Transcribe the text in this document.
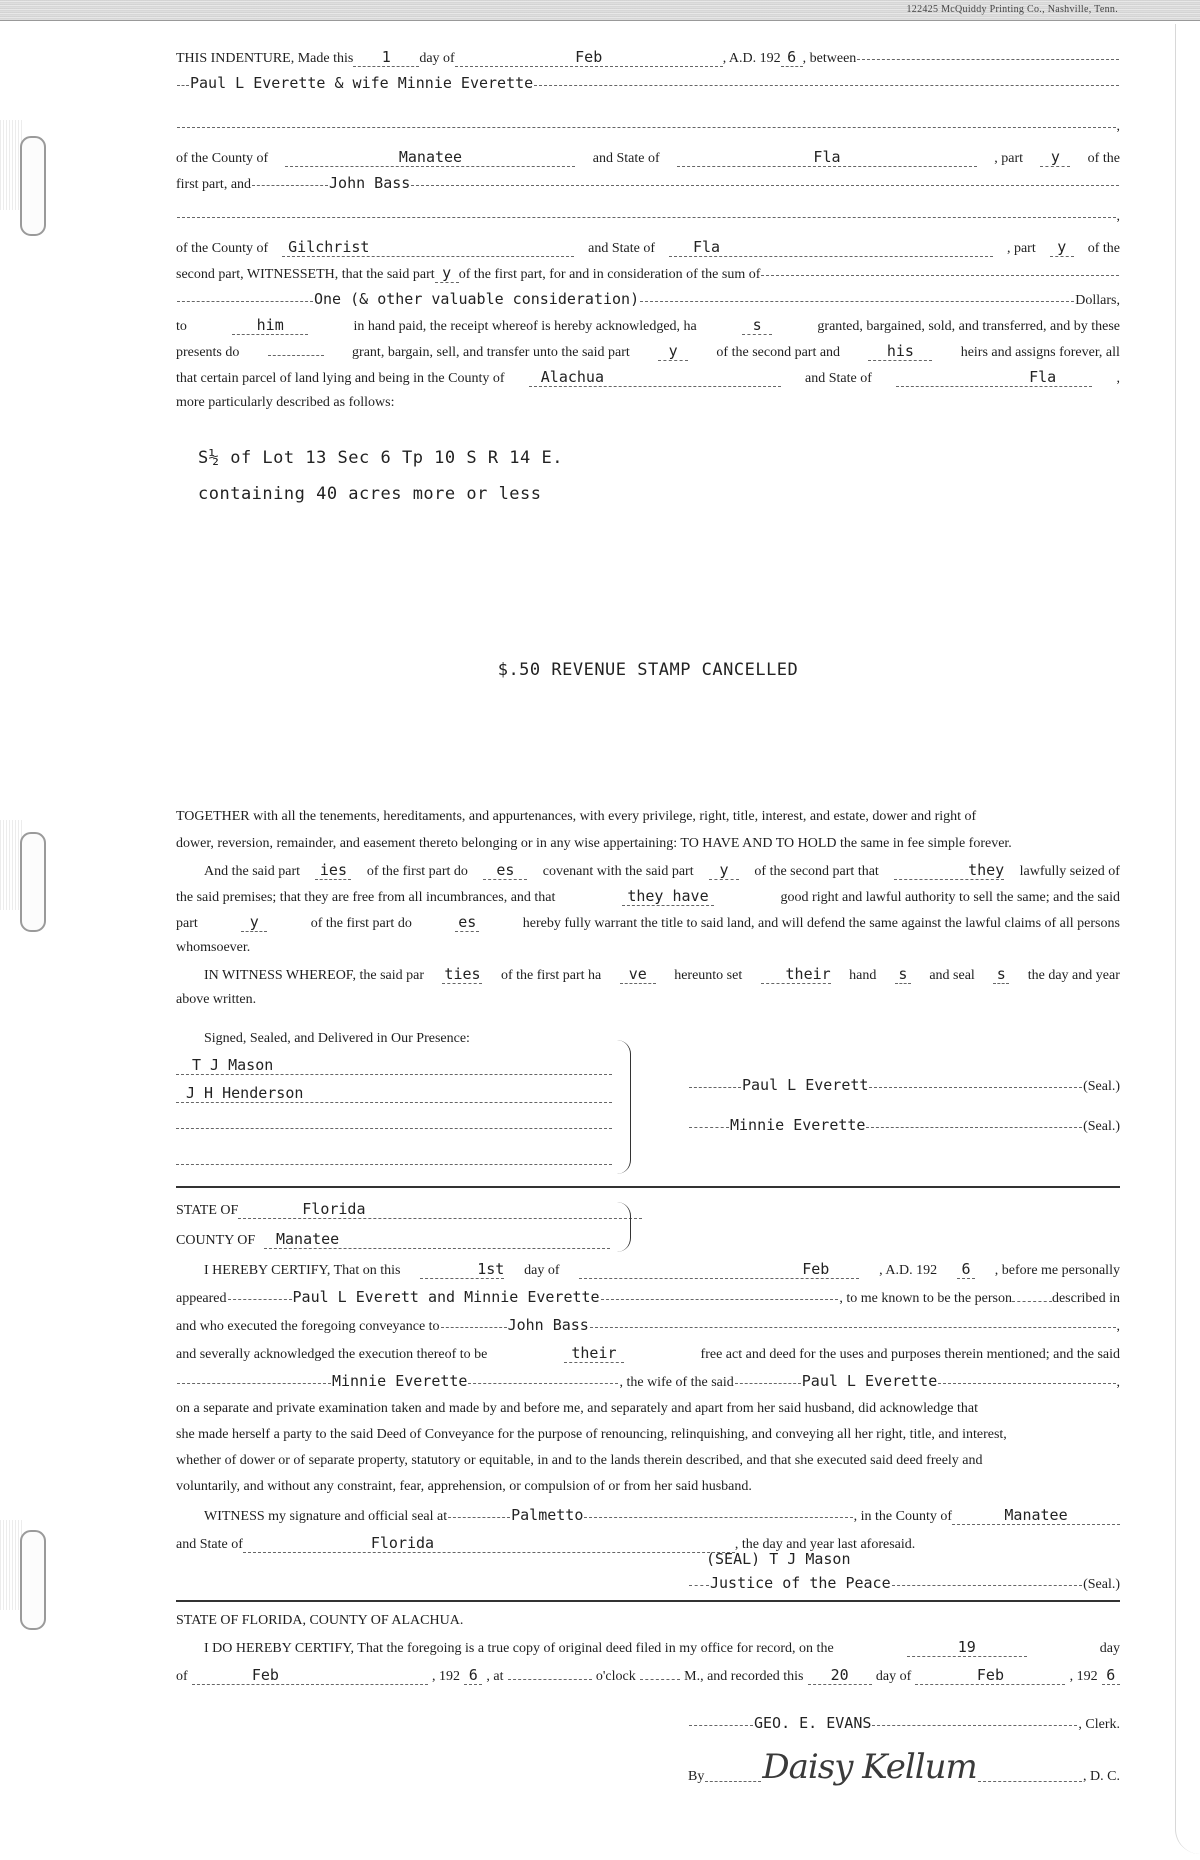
122425 McQuiddy Printing Co., Nashville, Tenn.
THIS INDENTURE, Made this	1	day of	Feb	, A.D. 192 6 , between
Paul L Everette & wife Minnie Everette
,
of the County of	Manatee	and State of	Fla	, part	y	of the
first part, and	John Bass
,
of the County of	Gilchrist	and State of	Fla	, part	y	of the
second part, WITNESSETH, that the said part y of the first part, for and in consideration of the sum of
One (& other valuable consideration)	Dollars,
to	him	in hand paid, the receipt whereof is hereby acknowledged, ha	s	granted, bargained, sold, and transferred, and by these
presents do	grant, bargain, sell, and transfer unto the said part	y	of the second part and	his	heirs and assigns forever, all
that certain parcel of land lying and being in the County of	Alachua	and State of	Fla	,
more particularly described as follows:
S½ of Lot 13 Sec 6 Tp 10 S R 14 E.
containing 40 acres more or less
$.50 REVENUE STAMP CANCELLED
TOGETHER with all the tenements, hereditaments, and appurtenances, with every privilege, right, title, interest, and estate, dower and right of
dower, reversion, remainder, and easement thereto belonging or in any wise appertaining: TO HAVE AND TO HOLD the same in fee simple forever.
And the said part ies	of the first part do	es	covenant with the said part	y	of the second part that	they lawfully seized of
the said premises; that they are free from all incumbrances, and that	they have	good right and lawful authority to sell the same; and the said
part	y	of the first part do	es	hereby fully warrant the title to said land, and will defend the same against the lawful claims of all persons
whomsoever.
IN WITNESS WHEREOF, the said par ties of the first part ha	ve	hereunto set	their hand s and seal s the day and year
above written.
Signed, Sealed, and Delivered in Our Presence:
T J Mason
J H Henderson	Paul L Everett	(Seal.)
Minnie Everette	(Seal.)
STATE OF	Florida
COUNTY OF	Manatee
I HEREBY CERTIFY, That on this	1st day of	Feb	, A.D. 192 6	, before me personally
appeared	Paul L Everett and Minnie Everette	, to me known to be the person	described in
and who executed the foregoing conveyance to	John Bass	,
and severally acknowledged the execution thereof to be	their	free act and deed for the uses and purposes therein mentioned; and the said
Minnie Everette	, the wife of the said	Paul L Everette	,
on a separate and private examination taken and made by and before me, and separately and apart from her said husband, did acknowledge that
she made herself a party to the said Deed of Conveyance for the purpose of renouncing, relinquishing, and conveying all her right, title, and interest,
whether of dower or of separate property, statutory or equitable, in and to the lands therein described, and that she executed said deed freely and
voluntarily, and without any constraint, fear, apprehension, or compulsion of or from her said husband.
WITNESS my signature and official seal at	Palmetto	, in the County of	Manatee
and State of	Florida	, the day and year last aforesaid.
(SEAL) T J Mason
Justice of the Peace	(Seal.)
STATE OF FLORIDA, COUNTY OF ALACHUA.
I DO HEREBY CERTIFY, That the foregoing is a true copy of original deed filed in my office for record, on the	19	day
of	Feb	, 192 6 , at	o'clock	M., and recorded this	20	day of	Feb	, 192 6
GEO. E. EVANS	, Clerk.
By Daisy Kellum	, D. C.
